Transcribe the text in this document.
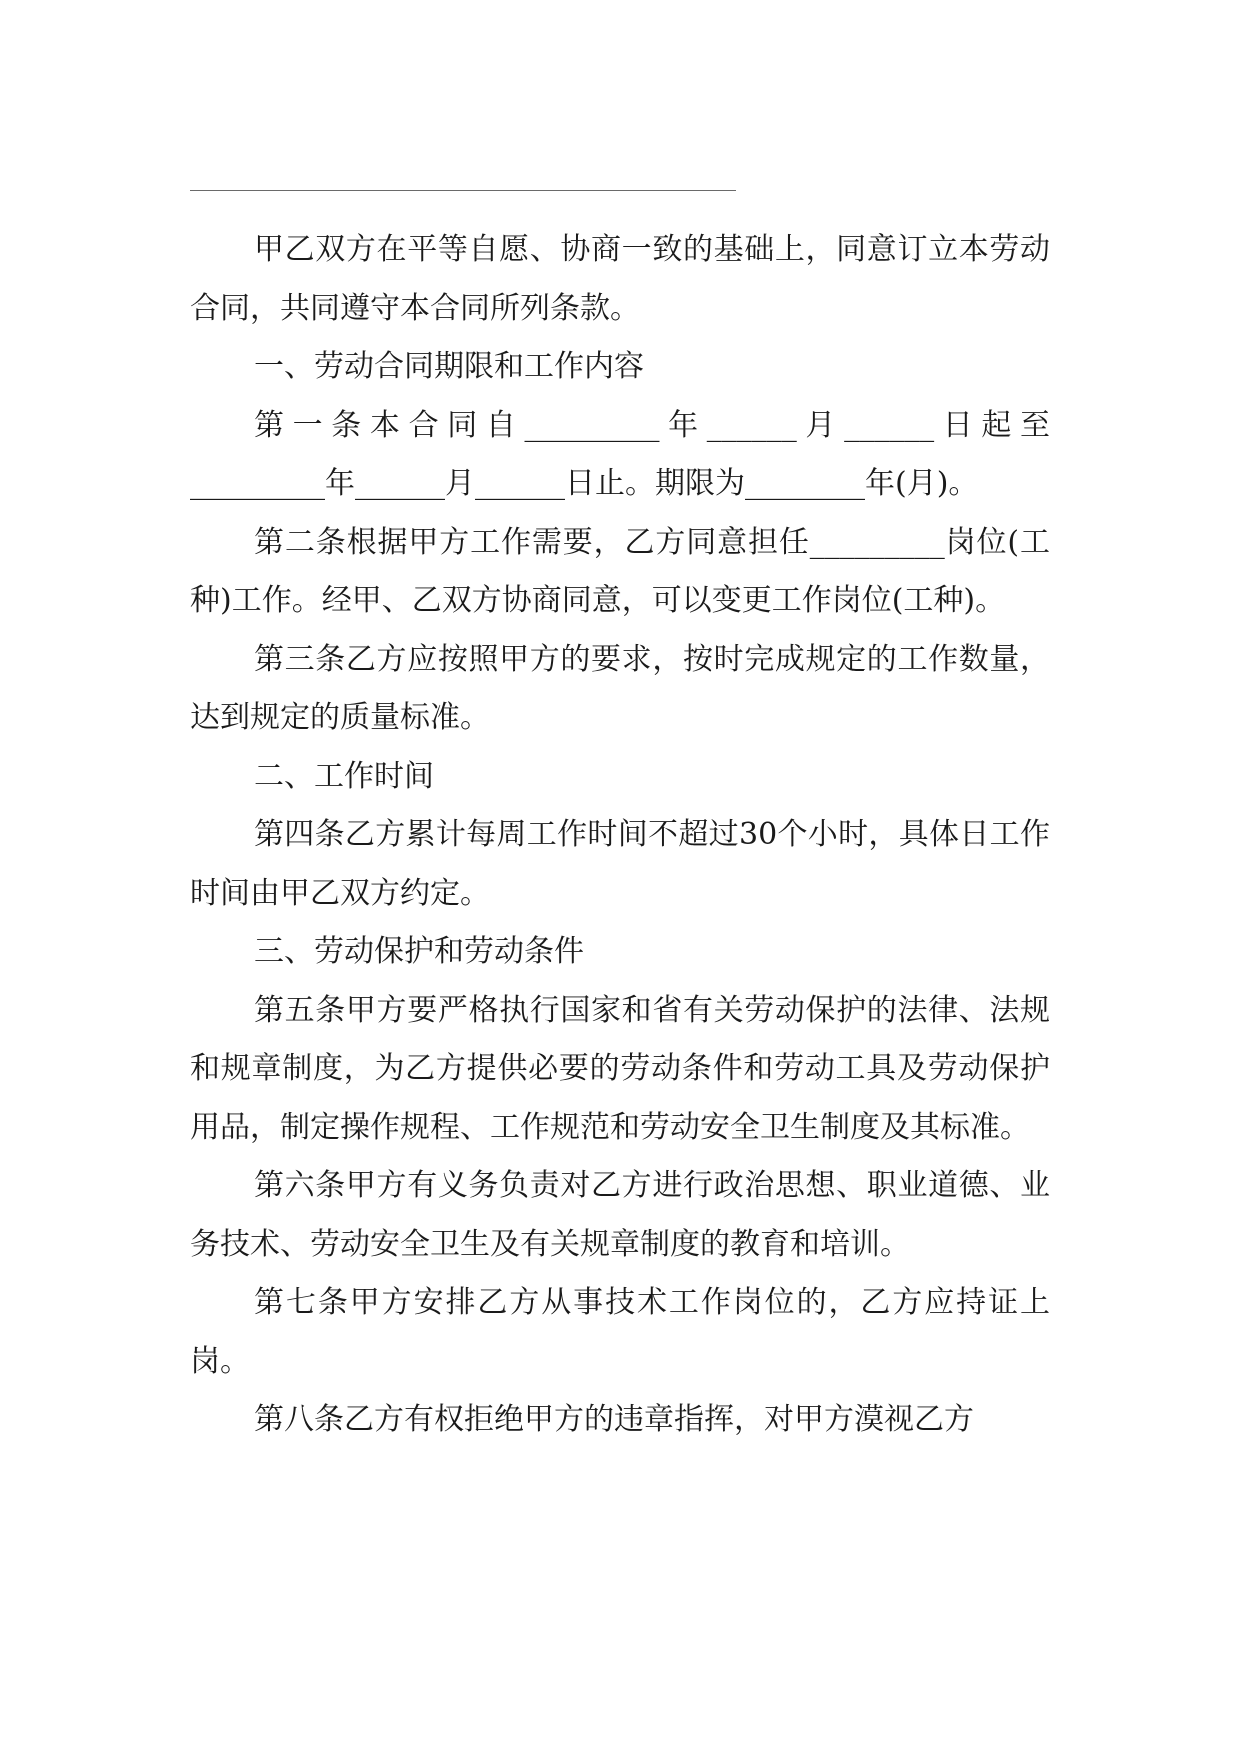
甲乙双方在平等自愿、协商一致的基础上，同意订立本劳动合同，共同遵守本合同所列条款。

一、劳动合同期限和工作内容

第一条本合同自_________年______月______日起至_________年______月______日止。期限为________年(月)。

第二条根据甲方工作需要，乙方同意担任_________岗位(工种)工作。经甲、乙双方协商同意，可以变更工作岗位(工种)。

第三条乙方应按照甲方的要求，按时完成规定的工作数量，达到规定的质量标准。

二、工作时间

第四条乙方累计每周工作时间不超过30个小时，具体日工作时间由甲乙双方约定。

三、劳动保护和劳动条件

第五条甲方要严格执行国家和省有关劳动保护的法律、法规和规章制度，为乙方提供必要的劳动条件和劳动工具及劳动保护用品，制定操作规程、工作规范和劳动安全卫生制度及其标准。

第六条甲方有义务负责对乙方进行政治思想、职业道德、业务技术、劳动安全卫生及有关规章制度的教育和培训。

第七条甲方安排乙方从事技术工作岗位的，乙方应持证上岗。

第八条乙方有权拒绝甲方的违章指挥，对甲方漠视乙方
